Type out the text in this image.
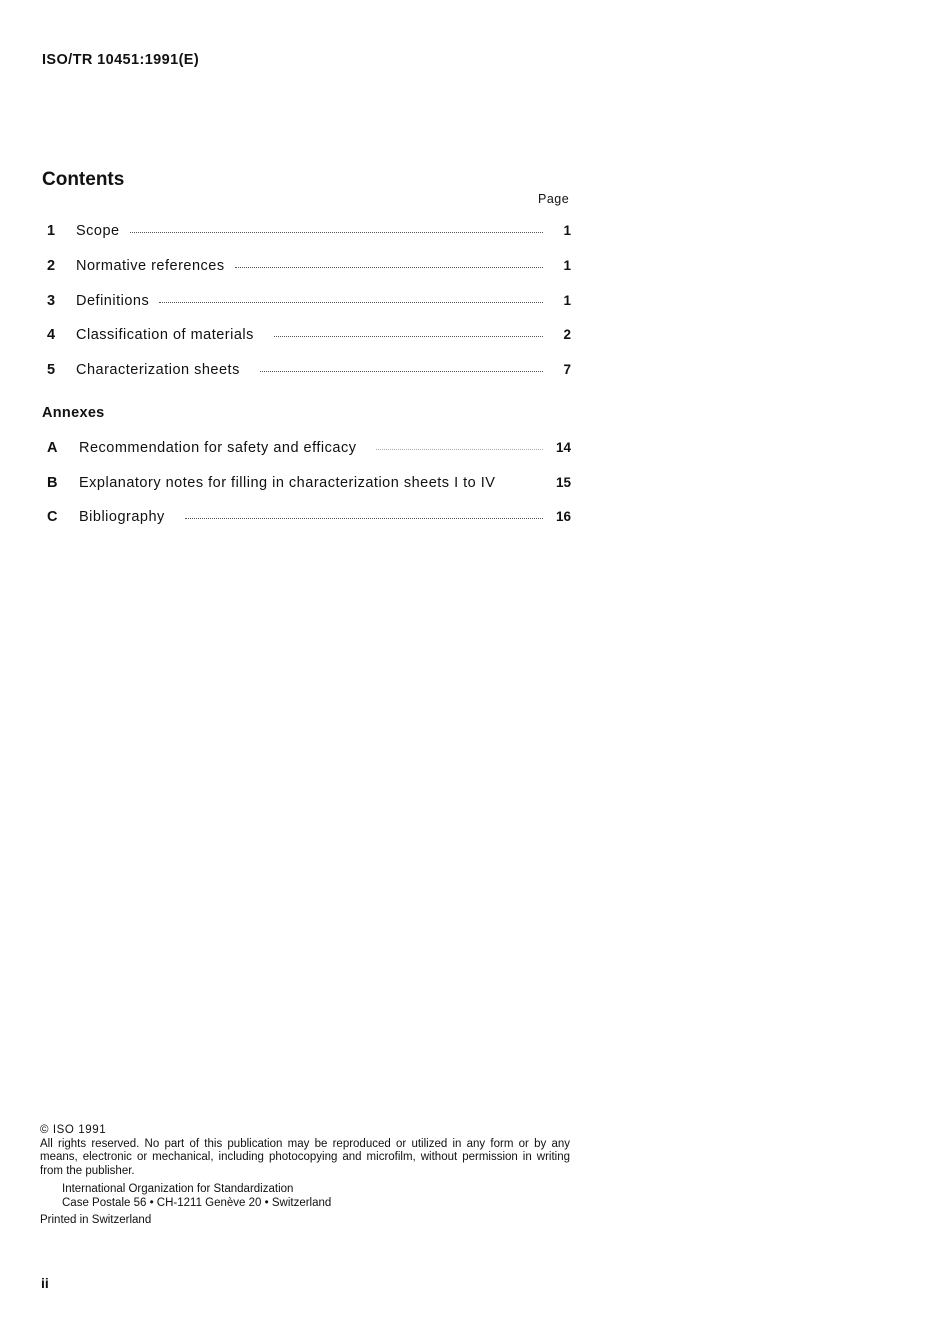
ISO/TR 10451:1991(E)
Contents
Page
1	Scope	1
2	Normative references	1
3	Definitions	1
4	Classification of materials	2
5	Characterization sheets	7
Annexes
A	Recommendation for safety and efficacy	14
B	Explanatory notes for filling in characterization sheets I to IV	15
C	Bibliography	16
© ISO 1991
All rights reserved. No part of this publication may be reproduced or utilized in any form or by any means, electronic or mechanical, including photocopying and microfilm, without permission in writing from the publisher.
International Organization for Standardization
Case Postale 56 • CH-1211 Genève 20 • Switzerland
Printed in Switzerland
ii
